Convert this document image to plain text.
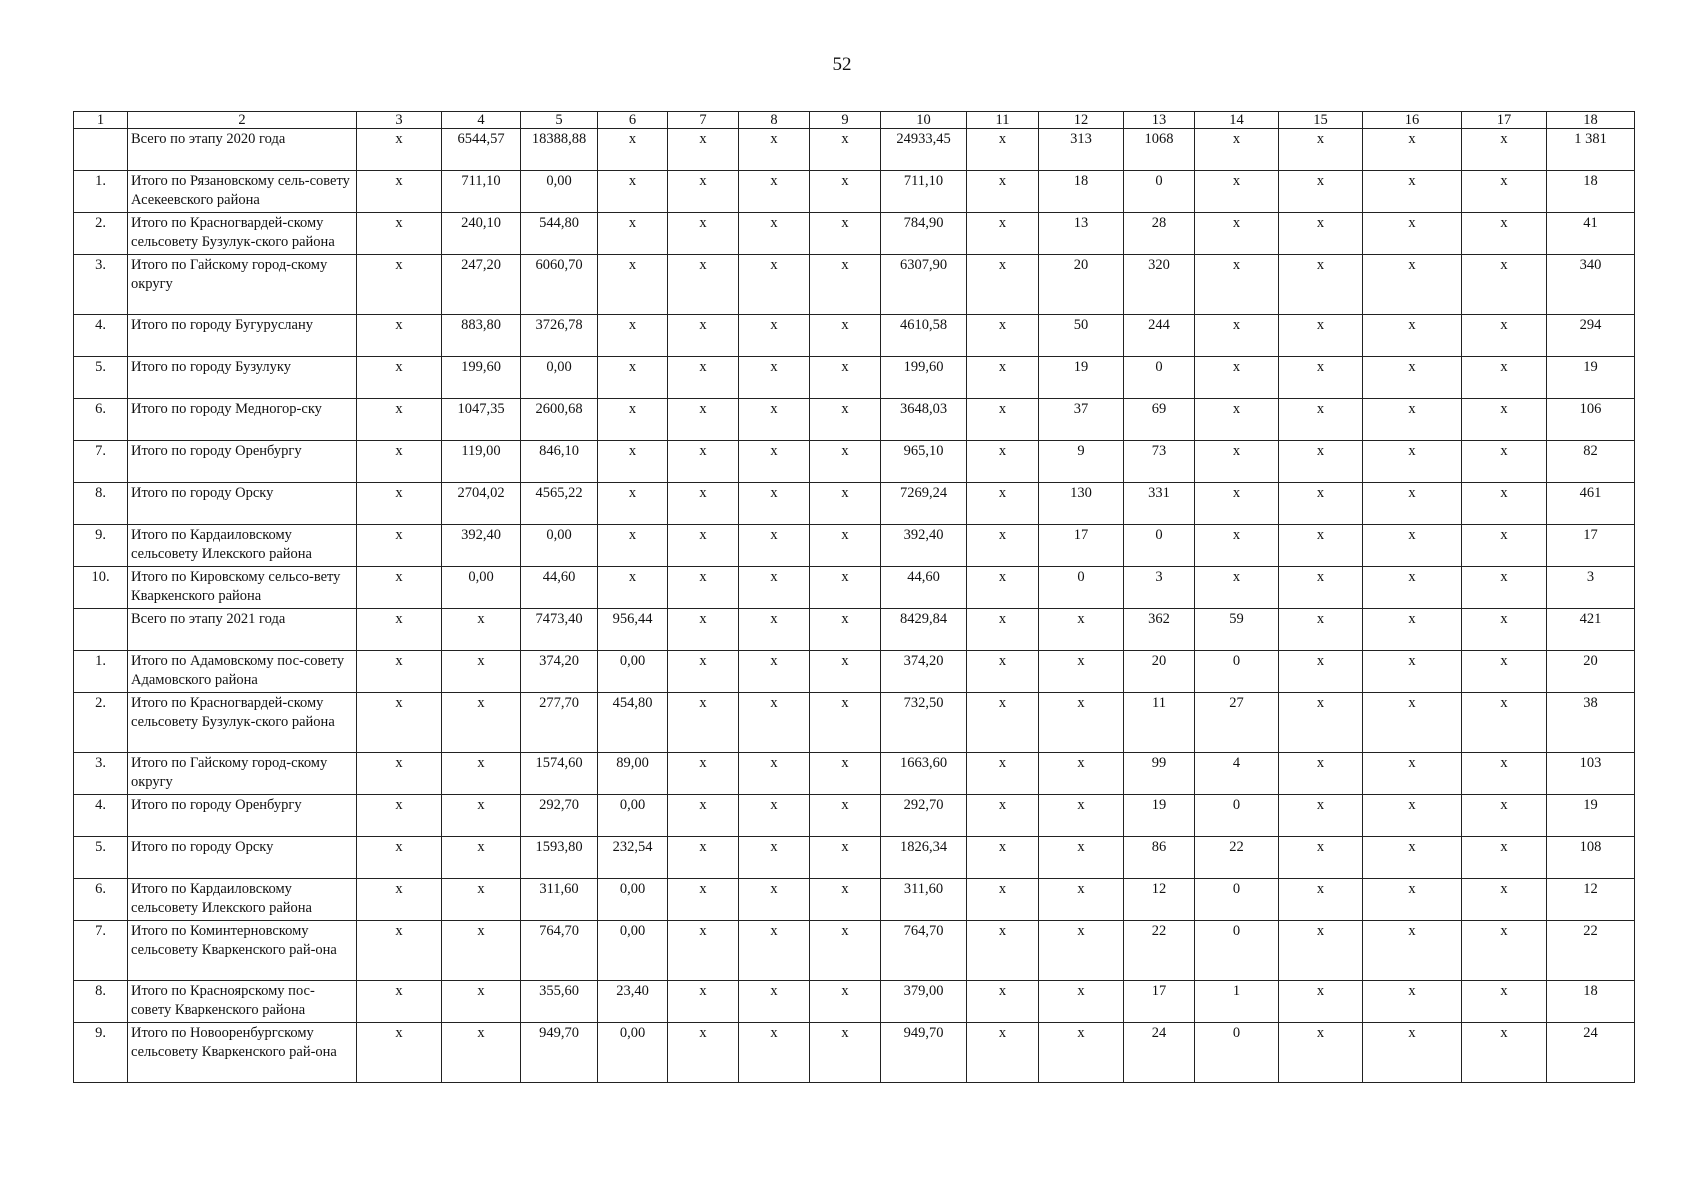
52
1	2	3	4	5	6	7	8	9	10	11	12	13	14	15	16	17	18
	Всего по этапу 2020 года	x	6544,57	18388,88	x	x	x	x	24933,45	x	313	1068	x	x	x	x	1 381
1.	Итого по Рязановскому сель-совету Асекеевского района	x	711,10	0,00	x	x	x	x	711,10	x	18	0	x	x	x	x	18
2.	Итого по Красногвардей-скому сельсовету Бузулук-ского района	x	240,10	544,80	x	x	x	x	784,90	x	13	28	x	x	x	x	41
3.	Итого по Гайскому город-скому округу	x	247,20	6060,70	x	x	x	x	6307,90	x	20	320	x	x	x	x	340
4.	Итого по городу Бугуруслану	x	883,80	3726,78	x	x	x	x	4610,58	x	50	244	x	x	x	x	294
5.	Итого по городу Бузулуку	x	199,60	0,00	x	x	x	x	199,60	x	19	0	x	x	x	x	19
6.	Итого по городу Медногор-ску	x	1047,35	2600,68	x	x	x	x	3648,03	x	37	69	x	x	x	x	106
7.	Итого по городу Оренбургу	x	119,00	846,10	x	x	x	x	965,10	x	9	73	x	x	x	x	82
8.	Итого по городу Орску	x	2704,02	4565,22	x	x	x	x	7269,24	x	130	331	x	x	x	x	461
9.	Итого по Кардаиловскому сельсовету Илекского района	x	392,40	0,00	x	x	x	x	392,40	x	17	0	x	x	x	x	17
10.	Итого по Кировскому сельсо-вету Кваркенского района	x	0,00	44,60	x	x	x	x	44,60	x	0	3	x	x	x	x	3
	Всего по этапу 2021 года	x	x	7473,40	956,44	x	x	x	8429,84	x	x	362	59	x	x	x	421
1.	Итого по Адамовскому пос-совету Адамовского района	x	x	374,20	0,00	x	x	x	374,20	x	x	20	0	x	x	x	20
2.	Итого по Красногвардей-скому сельсовету Бузулук-ского района	x	x	277,70	454,80	x	x	x	732,50	x	x	11	27	x	x	x	38
3.	Итого по Гайскому город-скому округу	x	x	1574,60	89,00	x	x	x	1663,60	x	x	99	4	x	x	x	103
4.	Итого по городу Оренбургу	x	x	292,70	0,00	x	x	x	292,70	x	x	19	0	x	x	x	19
5.	Итого по городу Орску	x	x	1593,80	232,54	x	x	x	1826,34	x	x	86	22	x	x	x	108
6.	Итого по Кардаиловскому сельсовету Илекского района	x	x	311,60	0,00	x	x	x	311,60	x	x	12	0	x	x	x	12
7.	Итого по Коминтерновскому сельсовету Кваркенского рай-она	x	x	764,70	0,00	x	x	x	764,70	x	x	22	0	x	x	x	22
8.	Итого по Красноярскому пос-совету Кваркенского района	x	x	355,60	23,40	x	x	x	379,00	x	x	17	1	x	x	x	18
9.	Итого по Новооренбургскому сельсовету Кваркенского рай-она	x	x	949,70	0,00	x	x	x	949,70	x	x	24	0	x	x	x	24
